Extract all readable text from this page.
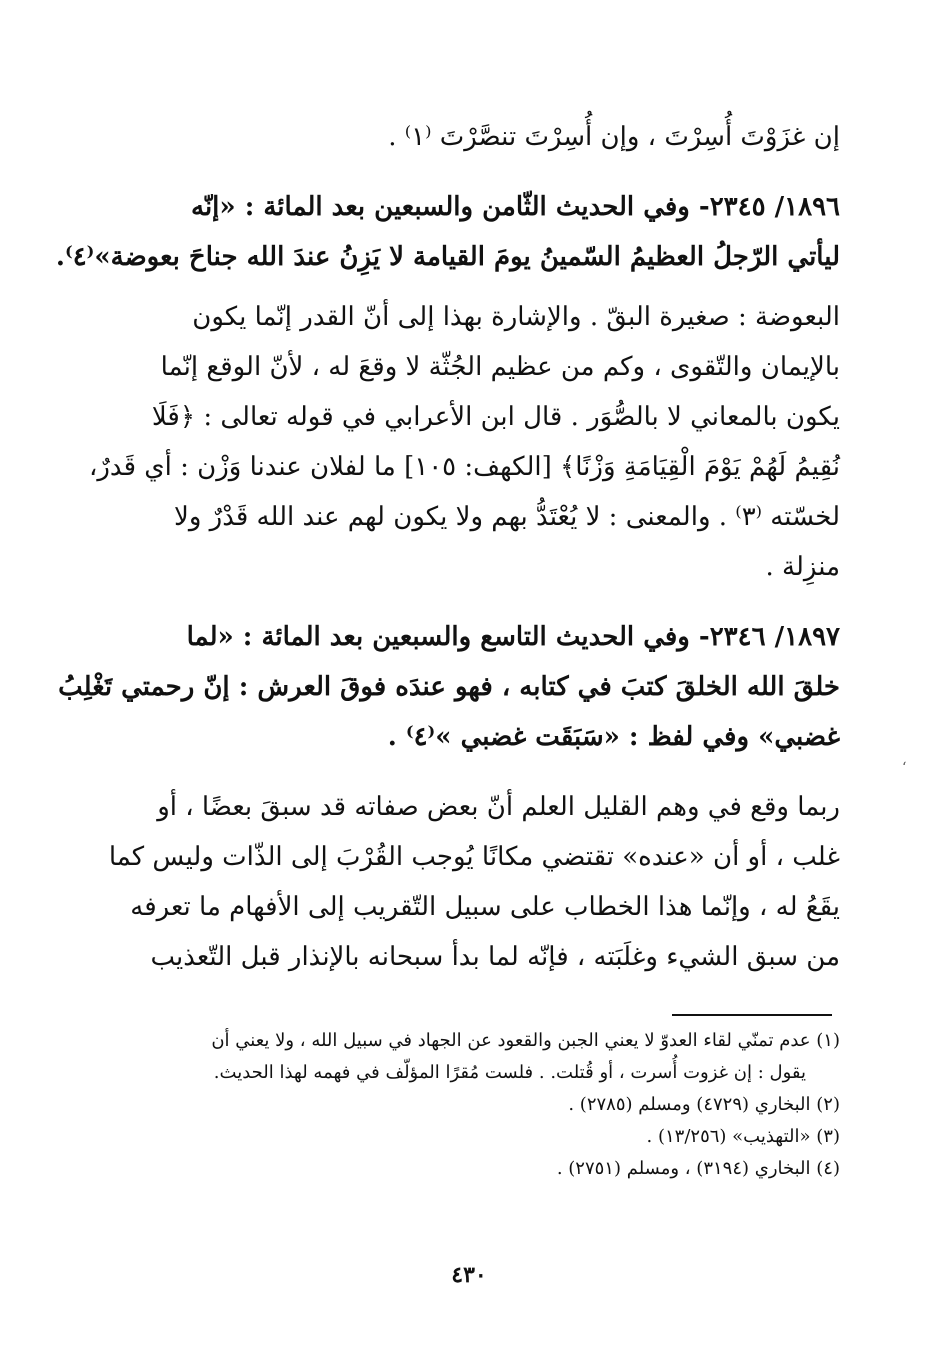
إن غزَوْتَ أُسِرْتَ ، وإن أُسِرْتَ تنصَّرْتَ ⁽١⁾ .
١٨٩٦/ ٢٣٤٥- وفي الحديث الثّامن والسبعين بعد المائة : «إنّه
ليأتي الرّجلُ العظيمُ السّمينُ يومَ القيامة لا يَزِنُ عندَ الله جناحَ بعوضة»⁽٤⁾.
البعوضة : صغيرة البقّ . والإشارة بهذا إلى أنّ القدر إنّما يكون
بالإيمان والتّقوى ، وكم من عظيم الجُثّة لا وقعَ له ، لأنّ الوقع إنّما
يكون بالمعاني لا بالصُّوَر . قال ابن الأعرابي في قوله تعالى : ﴿فَلَا
نُقِيمُ لَهُمْ يَوْمَ الْقِيَامَةِ وَزْنًا﴾ [الكهف: ١٠٥] ما لفلان عندنا وَزْن : أي قَدرٌ،
لخسّته ⁽٣⁾ . والمعنى : لا يُعْتَدُّ بهم ولا يكون لهم عند الله قَدْرٌ ولا
منزِلة .
١٨٩٧/ ٢٣٤٦- وفي الحديث التاسع والسبعين بعد المائة : «لما
خلقَ الله الخلقَ كتبَ في كتابه ، فهو عندَه فوقَ العرش : إنّ رحمتي تَغْلِبُ
غضبي» وفي لفظ : «سَبَقَت غضبي »⁽٤⁾ .
ربما وقع في وهم القليل العلم أنّ بعض صفاته قد سبقَ بعضًا ، أو
غلب ، أو أن «عنده» تقتضي مكانًا يُوجب القُرْبَ إلى الذّات وليس كما
يقَعُ له ، وإنّما هذا الخطاب على سبيل التّقريب إلى الأفهام ما تعرفه
من سبق الشيء وغلَبَته ، فإنّه لما بدأ سبحانه بالإنذار قبل التّعذيب
ʻ
(١) عدم تمنّي لقاء العدوّ لا يعني الجبن والقعود عن الجهاد في سبيل الله ، ولا يعني أن
يقول : إن غزوت أُسرت ، أو قُتلت. . فلست مُقرًا المؤلّف في فهمه لهذا الحديث.
(٢) البخاري (٤٧٢٩) ومسلم (٢٧٨٥) .
(٣) «التهذيب» (١٣/٢٥٦) .
(٤) البخاري (٣١٩٤) ، ومسلم (٢٧٥١) .
٤٣٠
